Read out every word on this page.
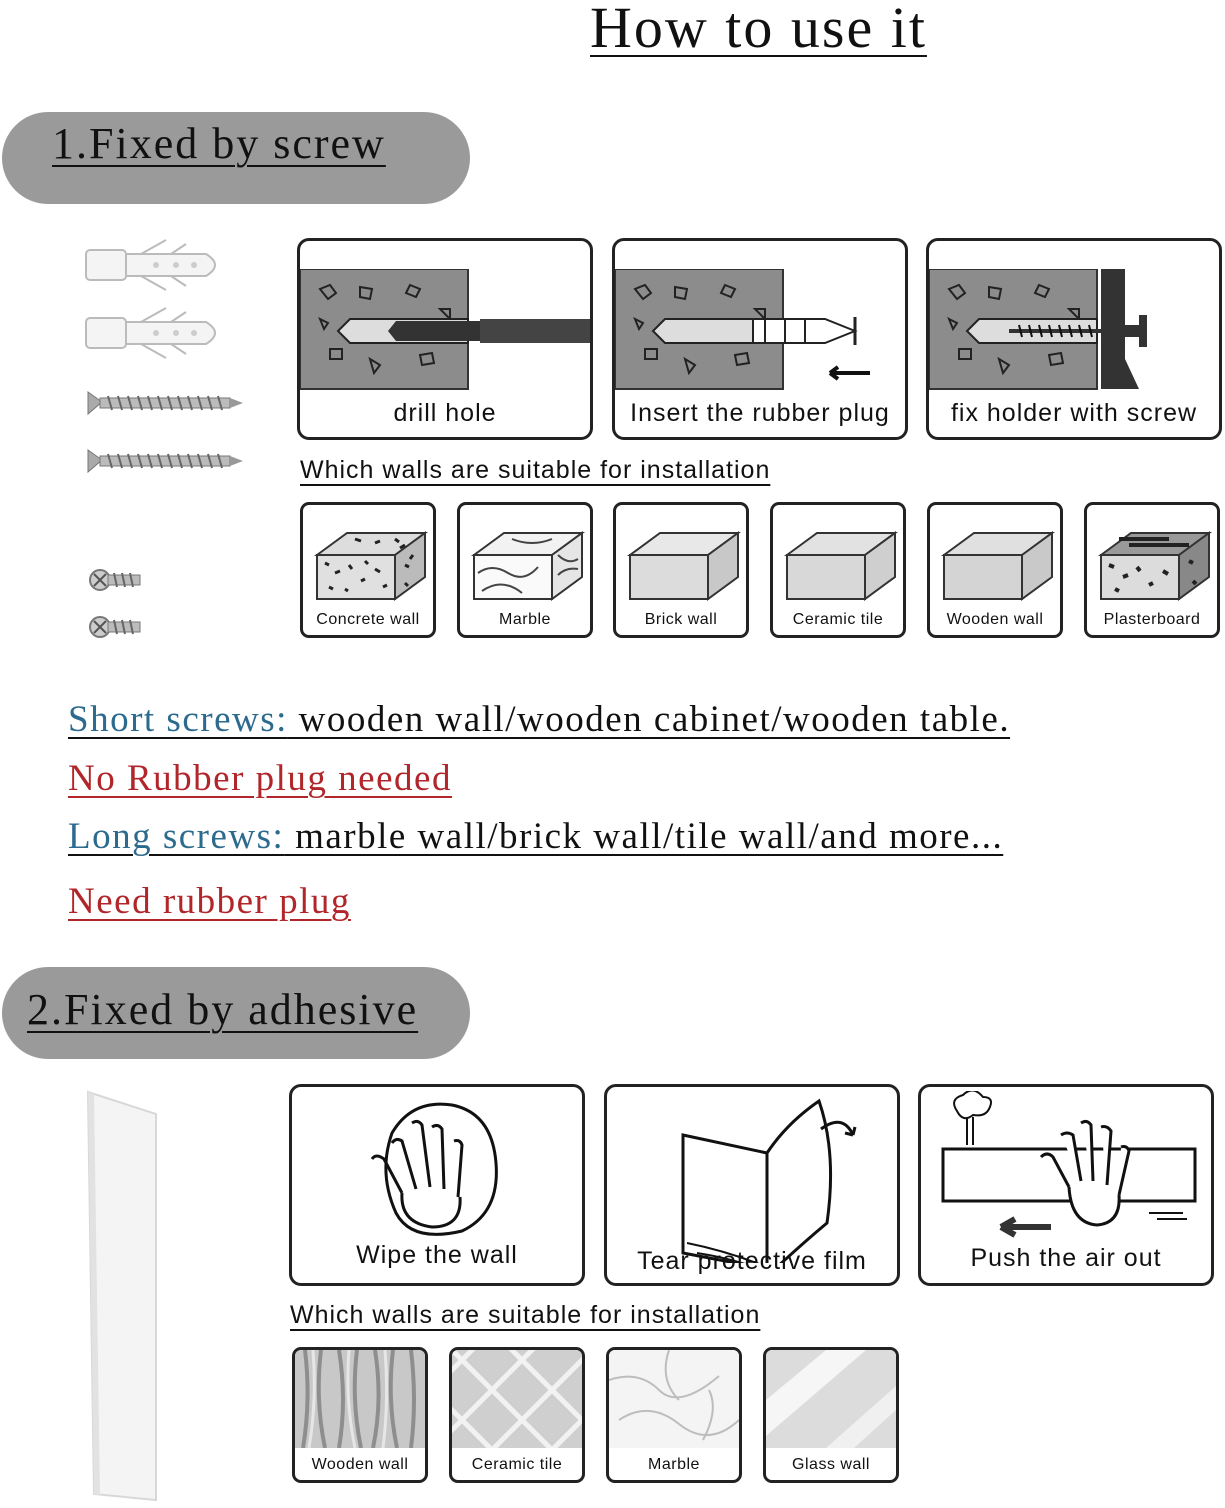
How to use it
1.Fixed by screw
drill hole	Insert the rubber plug	fix holder with screw
Which walls are suitable for installation
Concrete wall	Marble	Brick wall	Ceramic tile	Wooden wall	Plasterboard
Short screws: wooden wall/wooden cabinet/wooden table.
No Rubber plug needed
Long screws: marble wall/brick wall/tile wall/and more...
Need rubber plug
2.Fixed by adhesive
Wipe the wall	Tear protective film	Push the air out
Which walls are suitable for installation
Wooden wall	Ceramic tile	Marble	Glass wall
